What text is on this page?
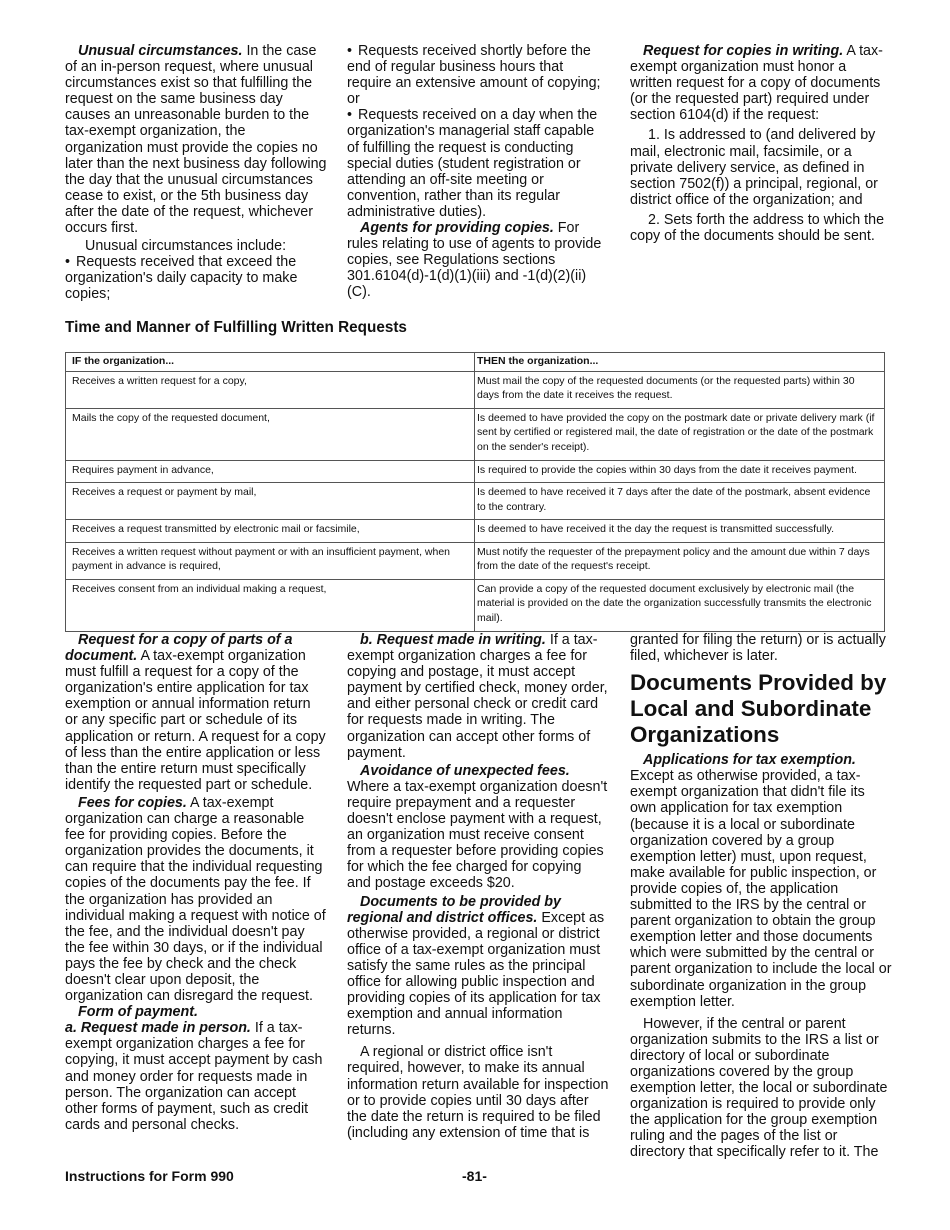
Unusual circumstances. In the case of an in-person request, where unusual circumstances exist so that fulfilling the request on the same business day causes an unreasonable burden to the tax-exempt organization, the organization must provide the copies no later than the next business day following the day that the unusual circumstances cease to exist, or the 5th business day after the date of the request, whichever occurs first.

Unusual circumstances include:

• Requests received that exceed the organization's daily capacity to make copies;

• Requests received shortly before the end of regular business hours that require an extensive amount of copying; or

• Requests received on a day when the organization's managerial staff capable of fulfilling the request is conducting special duties (student registration or attending an off-site meeting or convention, rather than its regular administrative duties).

Agents for providing copies. For rules relating to use of agents to provide copies, see Regulations sections 301.6104(d)-1(d)(1)(iii) and -1(d)(2)(ii)(C).

Request for copies in writing. A tax-exempt organization must honor a written request for a copy of documents (or the requested part) required under section 6104(d) if the request:

1. Is addressed to (and delivered by mail, electronic mail, facsimile, or a private delivery service, as defined in section 7502(f)) a principal, regional, or district office of the organization; and

2. Sets forth the address to which the copy of the documents should be sent.

Time and Manner of Fulfilling Written Requests
IF the organization...	THEN the organization...
Receives a written request for a copy,	Must mail the copy of the requested documents (or the requested parts) within 30 days from the date it receives the request.
Mails the copy of the requested document,	Is deemed to have provided the copy on the postmark date or private delivery mark (if sent by certified or registered mail, the date of registration or the date of the postmark on the sender's receipt).
Requires payment in advance,	Is required to provide the copies within 30 days from the date it receives payment.
Receives a request or payment by mail,	Is deemed to have received it 7 days after the date of the postmark, absent evidence to the contrary.
Receives a request transmitted by electronic mail or facsimile,	Is deemed to have received it the day the request is transmitted successfully.
Receives a written request without payment or with an insufficient payment, when payment in advance is required,	Must notify the requester of the prepayment policy and the amount due within 7 days from the date of the request's receipt.
Receives consent from an individual making a request,	Can provide a copy of the requested document exclusively by electronic mail (the material is provided on the date the organization successfully transmits the electronic mail).

Request for a copy of parts of a document. A tax-exempt organization must fulfill a request for a copy of the organization's entire application for tax exemption or annual information return or any specific part or schedule of its application or return. A request for a copy of less than the entire application or less than the entire return must specifically identify the requested part or schedule.

Fees for copies. A tax-exempt organization can charge a reasonable fee for providing copies. Before the organization provides the documents, it can require that the individual requesting copies of the documents pay the fee. If the organization has provided an individual making a request with notice of the fee, and the individual doesn't pay the fee within 30 days, or if the individual pays the fee by check and the check doesn't clear upon deposit, the organization can disregard the request.

Form of payment.

a. Request made in person. If a tax-exempt organization charges a fee for copying, it must accept payment by cash and money order for requests made in person. The organization can accept other forms of payment, such as credit cards and personal checks.

b. Request made in writing. If a tax-exempt organization charges a fee for copying and postage, it must accept payment by certified check, money order, and either personal check or credit card for requests made in writing. The organization can accept other forms of payment.

Avoidance of unexpected fees. Where a tax-exempt organization doesn't require prepayment and a requester doesn't enclose payment with a request, an organization must receive consent from a requester before providing copies for which the fee charged for copying and postage exceeds $20.

Documents to be provided by regional and district offices. Except as otherwise provided, a regional or district office of a tax-exempt organization must satisfy the same rules as the principal office for allowing public inspection and providing copies of its application for tax exemption and annual information returns.

A regional or district office isn't required, however, to make its annual information return available for inspection or to provide copies until 30 days after the date the return is required to be filed (including any extension of time that is

granted for filing the return) or is actually filed, whichever is later.

Documents Provided by Local and Subordinate Organizations

Applications for tax exemption. Except as otherwise provided, a tax-exempt organization that didn't file its own application for tax exemption (because it is a local or subordinate organization covered by a group exemption letter) must, upon request, make available for public inspection, or provide copies of, the application submitted to the IRS by the central or parent organization to obtain the group exemption letter and those documents which were submitted by the central or parent organization to include the local or subordinate organization in the group exemption letter.

However, if the central or parent organization submits to the IRS a list or directory of local or subordinate organizations covered by the group exemption letter, the local or subordinate organization is required to provide only the application for the group exemption ruling and the pages of the list or directory that specifically refer to it. The

Instructions for Form 990	-81-
